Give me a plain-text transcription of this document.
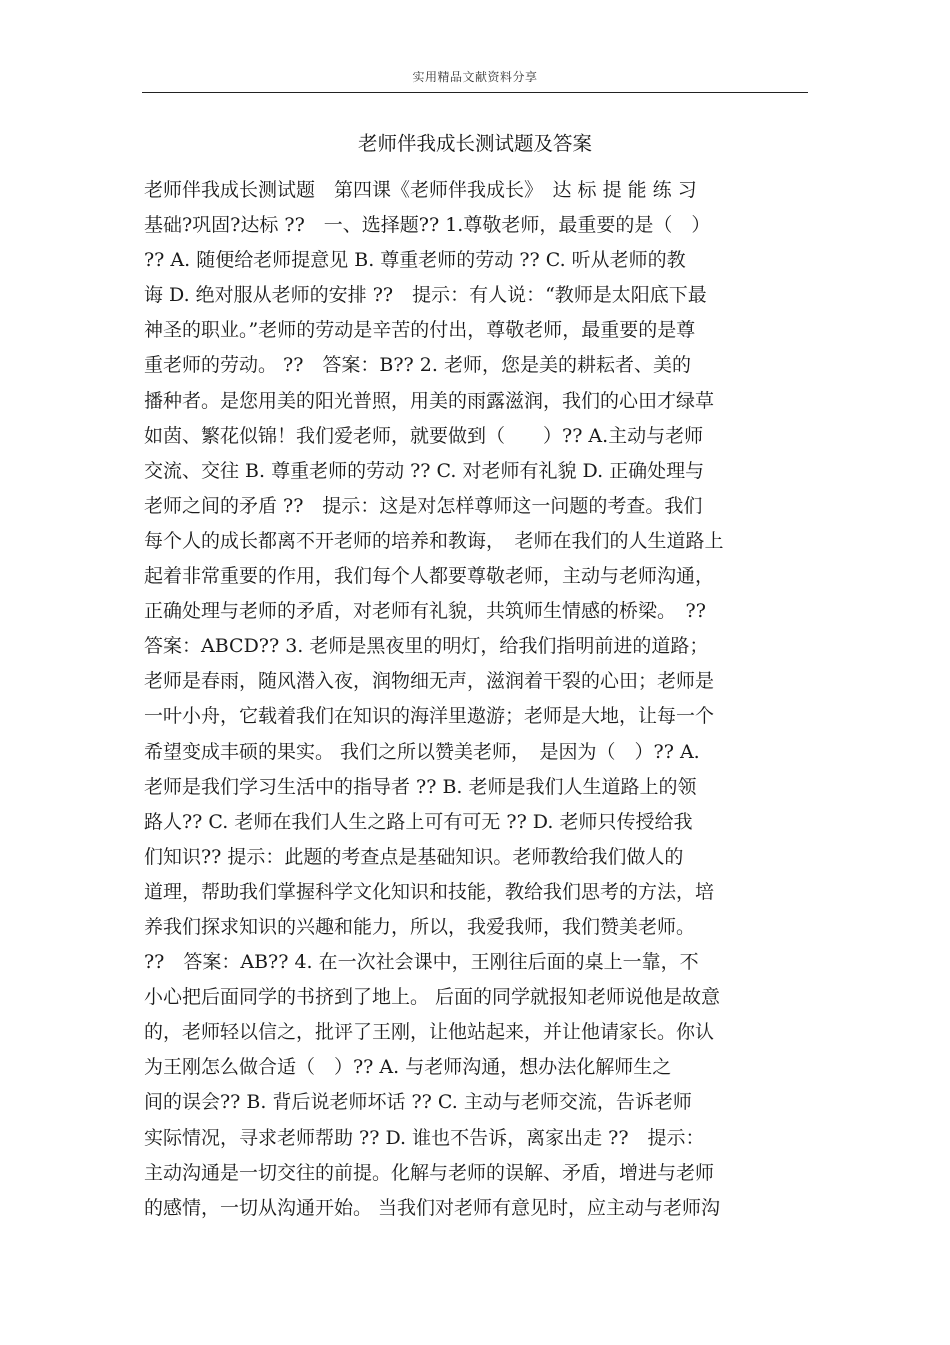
实用精品文献资料分享
老师伴我成长测试题及答案
老师伴我成长测试题　第四课《老师伴我成长》　达 标 提 能 练 习
基础?巩固?达标 ??　一、选择题?? 1.尊敬老师，最重要的是（　）
?? A. 随便给老师提意见 B. 尊重老师的劳动 ?? C. 听从老师的教
诲 D. 绝对服从老师的安排 ??　提示：有人说：“教师是太阳底下最
神圣的职业。”老师的劳动是辛苦的付出，尊敬老师，最重要的是尊
重老师的劳动。 ??　答案：B?? 2. 老师，您是美的耕耘者、美的
播种者。是您用美的阳光普照，用美的雨露滋润，我们的心田才绿草
如茵、繁花似锦！我们爱老师，就要做到（　　）?? A.主动与老师
交流、交往 B. 尊重老师的劳动 ?? C. 对老师有礼貌 D. 正确处理与
老师之间的矛盾 ??　提示：这是对怎样尊师这一问题的考查。我们
每个人的成长都离不开老师的培养和教诲，　老师在我们的人生道路上
起着非常重要的作用，我们每个人都要尊敬老师，主动与老师沟通，
正确处理与老师的矛盾，对老师有礼貌，共筑师生情感的桥梁。　??
答案：ABCD?? 3. 老师是黑夜里的明灯，给我们指明前进的道路；
老师是春雨，随风潜入夜，润物细无声，滋润着干裂的心田；老师是
一叶小舟，它载着我们在知识的海洋里遨游；老师是大地，让每一个
希望变成丰硕的果实。 我们之所以赞美老师，　是因为（　）?? A.
老师是我们学习生活中的指导者 ?? B. 老师是我们人生道路上的领
路人?? C. 老师在我们人生之路上可有可无 ?? D. 老师只传授给我
们知识?? 提示：此题的考查点是基础知识。老师教给我们做人的
道理，帮助我们掌握科学文化知识和技能，教给我们思考的方法，培
养我们探求知识的兴趣和能力，所以，我爱我师，我们赞美老师。
??　答案：AB?? 4. 在一次社会课中，王刚往后面的桌上一靠，不
小心把后面同学的书挤到了地上。 后面的同学就报知老师说他是故意
的，老师轻以信之，批评了王刚，让他站起来，并让他请家长。你认
为王刚怎么做合适（　）?? A. 与老师沟通，想办法化解师生之
间的误会?? B. 背后说老师坏话 ?? C. 主动与老师交流，告诉老师
实际情况，寻求老师帮助 ?? D. 谁也不告诉，离家出走 ??　提示：
主动沟通是一切交往的前提。化解与老师的误解、矛盾，增进与老师
的感情，一切从沟通开始。 当我们对老师有意见时，应主动与老师沟
